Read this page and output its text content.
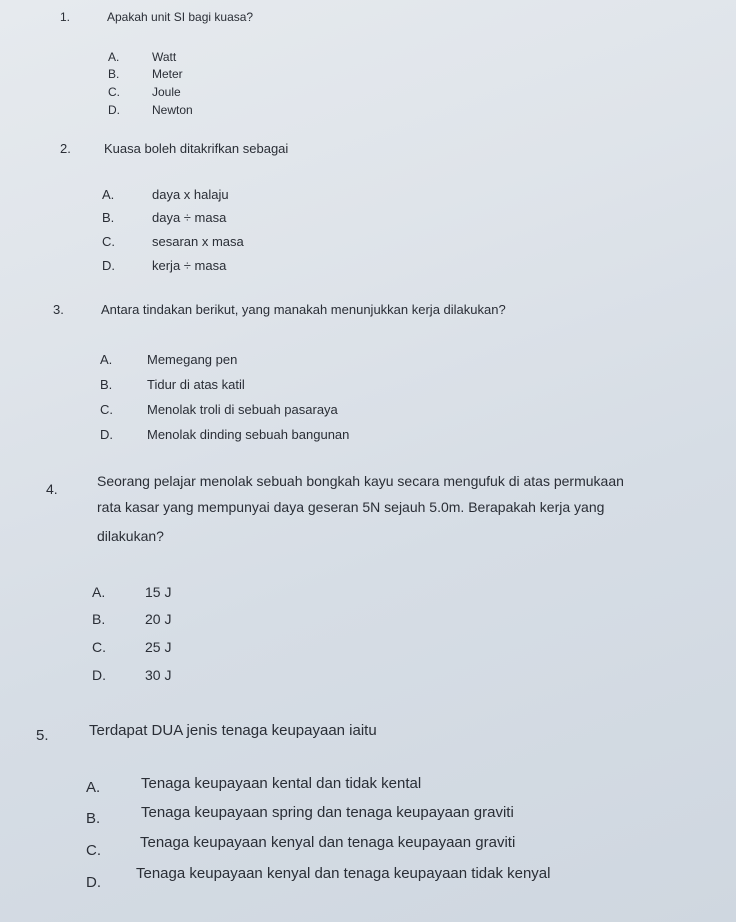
1.	Apakah unit SI bagi kuasa?
A.	Watt
B.	Meter
C.	Joule
D.	Newton
2.	Kuasa boleh ditakrifkan sebagai
A.	daya x halaju
B.	daya ÷ masa
C.	sesaran x masa
D.	kerja ÷ masa
3.	Antara tindakan berikut, yang manakah menunjukkan kerja dilakukan?
A.	Memegang pen
B.	Tidur di atas katil
C.	Menolak troli di sebuah pasaraya
D.	Menolak dinding sebuah bangunan
4.	Seorang pelajar menolak sebuah bongkah kayu secara mengufuk di atas permukaan
rata kasar yang mempunyai daya geseran 5N sejauh 5.0m. Berapakah kerja yang
dilakukan?
A.	15 J
B.	20 J
C.	25 J
D.	30 J
5.	Terdapat DUA jenis tenaga keupayaan iaitu
A.	Tenaga keupayaan kental dan tidak kental
B.	Tenaga keupayaan spring dan tenaga keupayaan graviti
C.	Tenaga keupayaan kenyal dan tenaga keupayaan graviti
D.
Tenaga keupayaan kenyal dan tenaga keupayaan tidak kenyal
